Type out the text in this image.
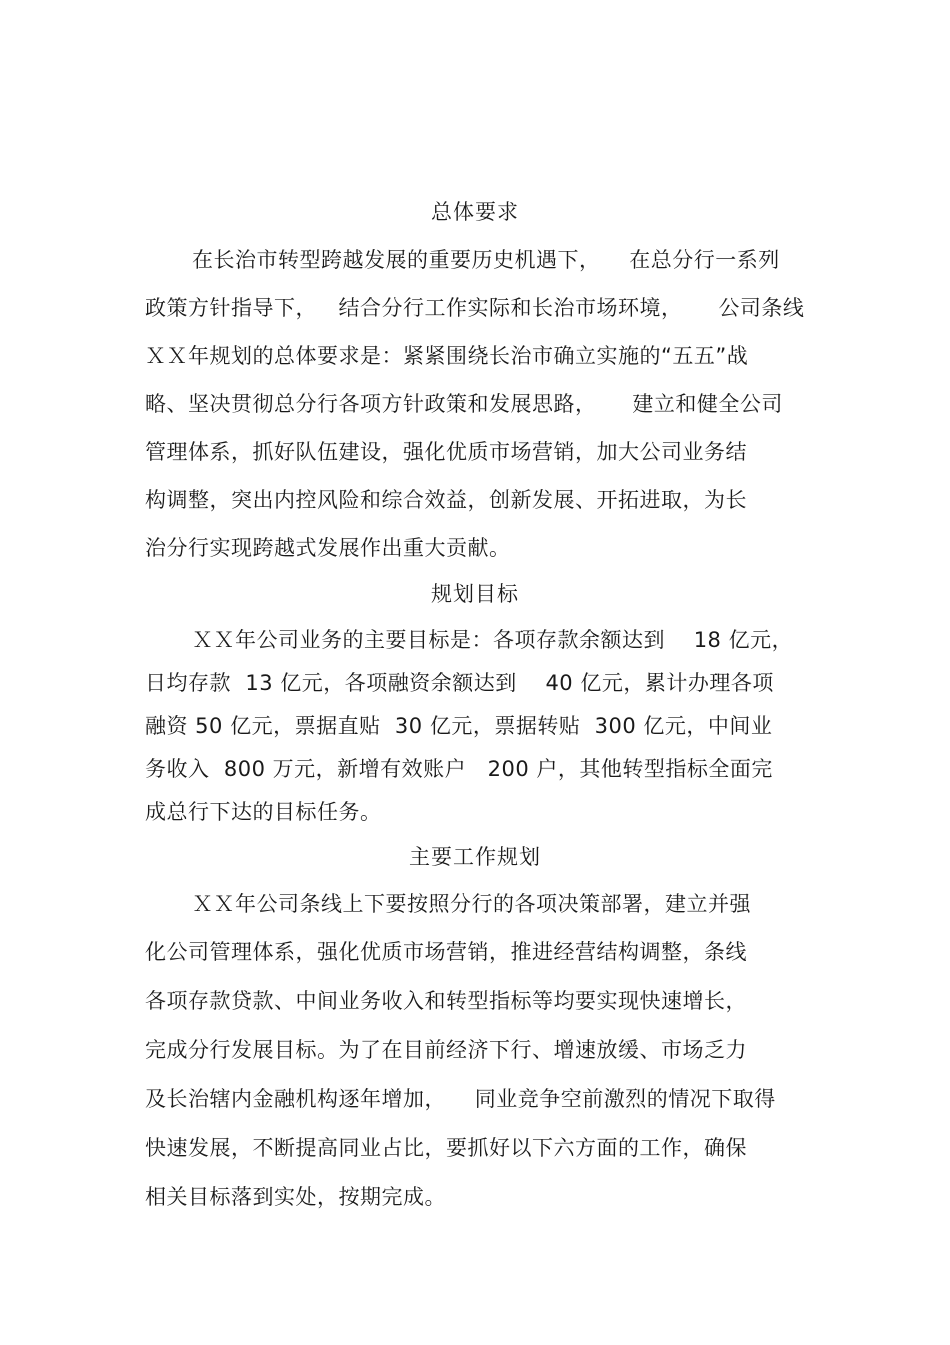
总体要求
在长治市转型跨越发展的重要历史机遇下，    在总分行一系列
政策方针指导下，   结合分行工作实际和长治市场环境，     公司条线
ＸＸ年规划的总体要求是：紧紧围绕长治市确立实施的“五五”战
略、坚决贯彻总分行各项方针政策和发展思路，     建立和健全公司
管理体系，抓好队伍建设，强化优质市场营销，加大公司业务结
构调整，突出内控风险和综合效益，创新发展、开拓进取，为长
治分行实现跨越式发展作出重大贡献。
规划目标
ＸＸ年公司业务的主要目标是：各项存款余额达到    18 亿元，
日均存款  13 亿元，各项融资余额达到    40 亿元，累计办理各项
融资 50 亿元，票据直贴  30 亿元，票据转贴  300 亿元，中间业
务收入  800 万元，新增有效账户   200 户，其他转型指标全面完
成总行下达的目标任务。
主要工作规划
ＸＸ年公司条线上下要按照分行的各项决策部署，建立并强
化公司管理体系，强化优质市场营销，推进经营结构调整，条线
各项存款贷款、中间业务收入和转型指标等均要实现快速增长，
完成分行发展目标。为了在目前经济下行、增速放缓、市场乏力
及长治辖内金融机构逐年增加，    同业竞争空前激烈的情况下取得
快速发展，不断提高同业占比，要抓好以下六方面的工作，确保
相关目标落到实处，按期完成。
